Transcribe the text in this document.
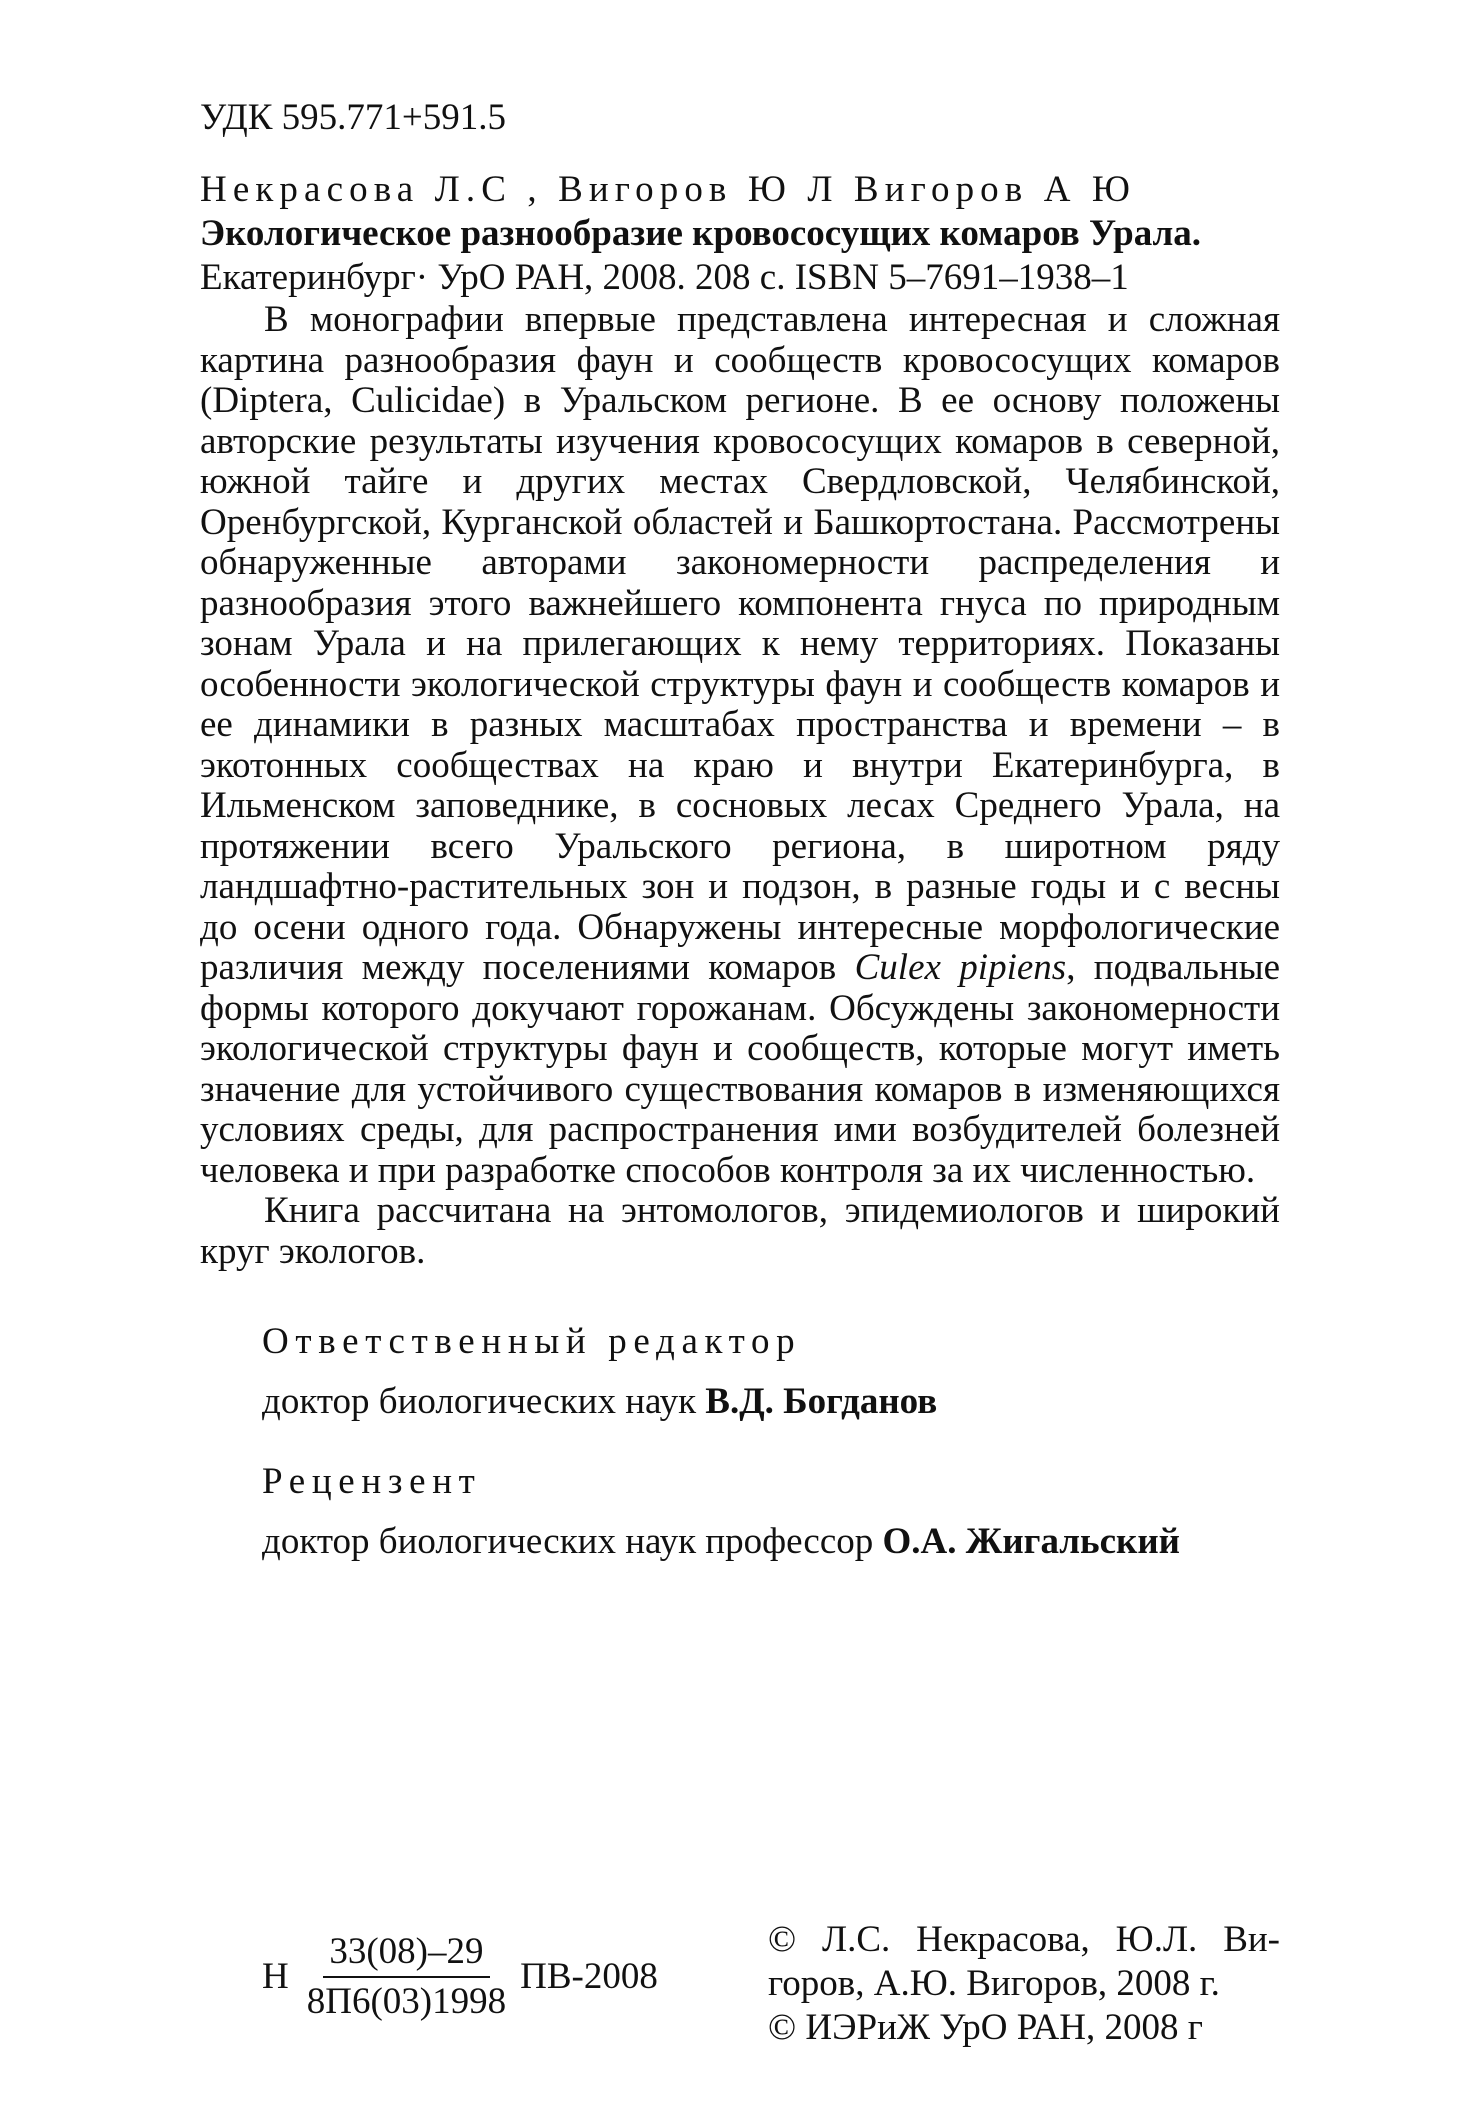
УДК 595.771+591.5
Некрасова Л.С , Вигоров Ю Л Вигоров А Ю
Экологическое разнообразие кровососущих комаров Урала.
Екатеринбург· УрО РАН, 2008. 208 с. ISBN 5–7691–1938–1

В монографии впервые представлена интересная и сложная картина разнообразия фаун и сообществ кровососущих комаров (Diptera, Culicidae) в Уральском регионе. В ее основу положены авторские результаты изучения кровососущих комаров в северной, южной тайге и других местах Свердловской, Челябинской, Оренбургской, Курганской областей и Башкортостана. Рассмотрены обнаруженные авторами закономерности распределения и разнообразия этого важнейшего компонента гнуса по природным зонам Урала и на прилегающих к нему территориях. Показаны особенности экологической структуры фаун и сообществ комаров и ее динамики в разных масштабах пространства и времени – в экотонных сообществах на краю и внутри Екатеринбурга, в Ильменском заповеднике, в сосновых лесах Среднего Урала, на протяжении всего Уральского региона, в широтном ряду ландшафтно-растительных зон и подзон, в разные годы и с весны до осени одного года. Обнаружены интересные морфологические различия между поселениями комаров Culex pipiens, подвальные формы которого докучают горожанам. Обсуждены закономерности экологической структуры фаун и сообществ, которые могут иметь значение для устойчивого существования комаров в изменяющихся условиях среды, для распространения ими возбудителей болезней человека и при разработке способов контроля за их численностью.

Книга рассчитана на энтомологов, эпидемиологов и широкий круг экологов.

Ответственный редактор

доктор биологических наук В.Д. Богданов

Рецензент

доктор биологических наук профессор О.А. Жигальский

Н $\frac{33(08)-29}{8П6(03)1998} ПВ-2008$

© Л.С. Некрасова, Ю.Л. Вигоров, А.Ю. Вигоров, 2008 г.

© ИЭРиЖ УрО РАН, 2008 г
